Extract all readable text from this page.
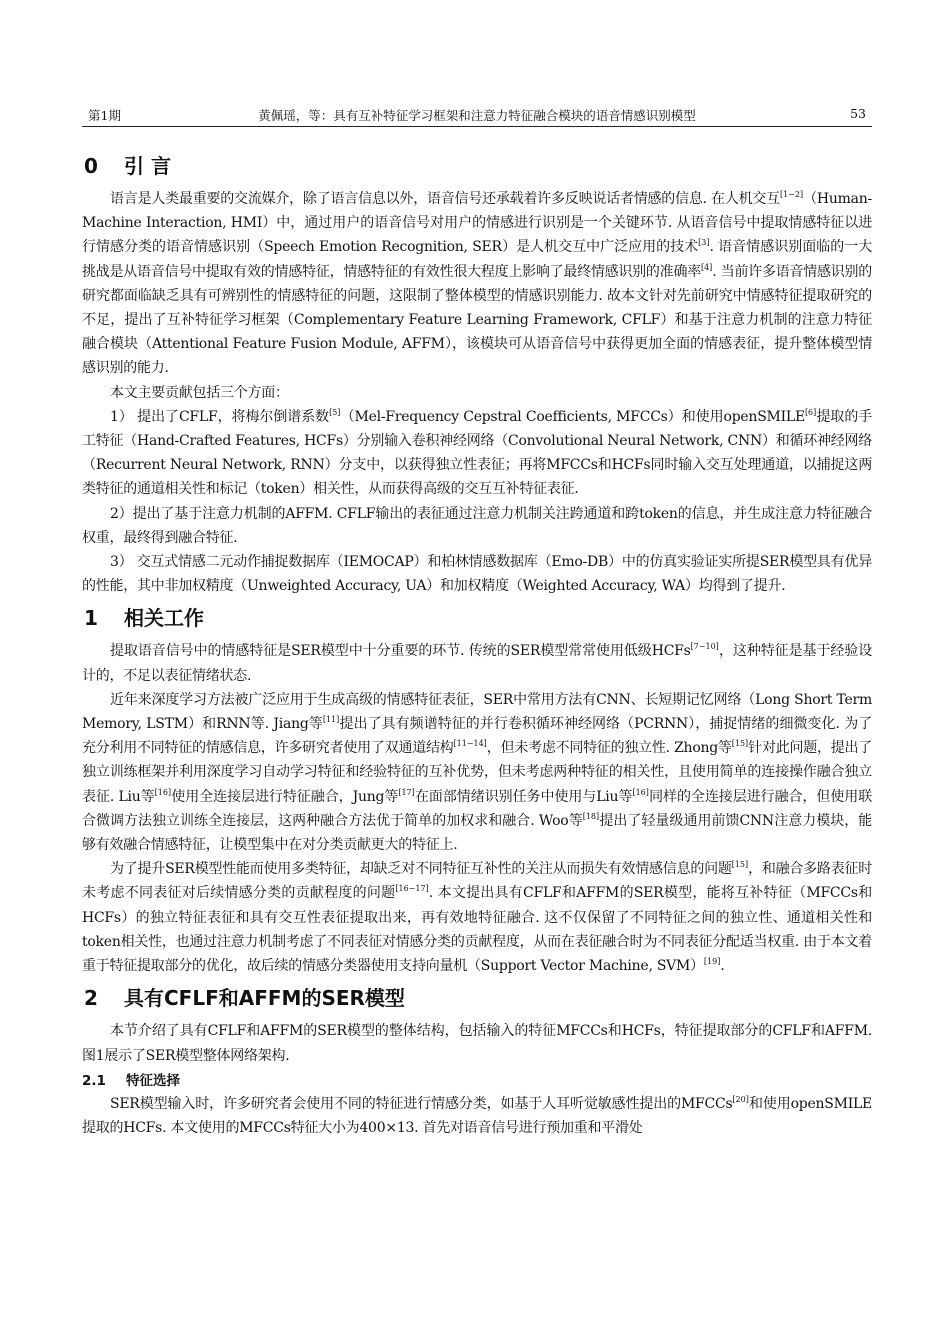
第1期	黄佩瑶，等：具有互补特征学习框架和注意力特征融合模块的语音情感识别模型	53
0 引 言

语言是人类最重要的交流媒介，除了语言信息以外，语音信号还承载着许多反映说话者情感的信息. 在人机交互[1−2]（Human-Machine Interaction, HMI）中，通过用户的语音信号对用户的情感进行识别是一个关键环节. 从语音信号中提取情感特征以进行情感分类的语音情感识别（Speech Emotion Recognition, SER）是人机交互中广泛应用的技术[3]. 语音情感识别面临的一大挑战是从语音信号中提取有效的情感特征，情感特征的有效性很大程度上影响了最终情感识别的准确率[4]. 当前许多语音情感识别的研究都面临缺乏具有可辨别性的情感特征的问题，这限制了整体模型的情感识别能力. 故本文针对先前研究中情感特征提取研究的不足，提出了互补特征学习框架（Complementary Feature Learning Framework, CFLF）和基于注意力机制的注意力特征融合模块（Attentional Feature Fusion Module, AFFM），该模块可从语音信号中获得更加全面的情感表征，提升整体模型情感识别的能力.

本文主要贡献包括三个方面：

1） 提出了CFLF，将梅尔倒谱系数[5]（Mel-Frequency Cepstral Coefficients, MFCCs）和使用openSMILE[6]提取的手工特征（Hand-Crafted Features, HCFs）分别输入卷积神经网络（Convolutional Neural Network, CNN）和循环神经网络（Recurrent Neural Network, RNN）分支中，以获得独立性表征；再将MFCCs和HCFs同时输入交互处理通道，以捕捉这两类特征的通道相关性和标记（token）相关性，从而获得高级的交互互补特征表征.

2）提出了基于注意力机制的AFFM. CFLF输出的表征通过注意力机制关注跨通道和跨token的信息，并生成注意力特征融合权重，最终得到融合特征.

3） 交互式情感二元动作捕捉数据库（IEMOCAP）和柏林情感数据库（Emo-DB）中的仿真实验证实所提SER模型具有优异的性能，其中非加权精度（Unweighted Accuracy, UA）和加权精度（Weighted Accuracy, WA）均得到了提升.

1 相关工作

提取语音信号中的情感特征是SER模型中十分重要的环节. 传统的SER模型常常使用低级HCFs[7−10]，这种特征是基于经验设计的，不足以表征情绪状态.

近年来深度学习方法被广泛应用于生成高级的情感特征表征，SER中常用方法有CNN、长短期记忆网络（Long Short Term Memory, LSTM）和RNN等. Jiang等[11]提出了具有频谱特征的并行卷积循环神经网络（PCRNN），捕捉情绪的细微变化. 为了充分利用不同特征的情感信息，许多研究者使用了双通道结构[11−14]，但未考虑不同特征的独立性. Zhong等[15]针对此问题，提出了独立训练框架并利用深度学习自动学习特征和经验特征的互补优势，但未考虑两种特征的相关性，且使用简单的连接操作融合独立表征. Liu等[16]使用全连接层进行特征融合，Jung等[17]在面部情绪识别任务中使用与Liu等[16]同样的全连接层进行融合，但使用联合微调方法独立训练全连接层，这两种融合方法优于简单的加权求和融合. Woo等[18]提出了轻量级通用前馈CNN注意力模块，能够有效融合情感特征，让模型集中在对分类贡献更大的特征上.

为了提升SER模型性能而使用多类特征，却缺乏对不同特征互补性的关注从而损失有效情感信息的问题[15]，和融合多路表征时未考虑不同表征对后续情感分类的贡献程度的问题[16−17]. 本文提出具有CFLF和AFFM的SER模型，能将互补特征（MFCCs和HCFs）的独立特征表征和具有交互性表征提取出来，再有效地特征融合. 这不仅保留了不同特征之间的独立性、通道相关性和token相关性，也通过注意力机制考虑了不同表征对情感分类的贡献程度，从而在表征融合时为不同表征分配适当权重. 由于本文着重于特征提取部分的优化，故后续的情感分类器使用支持向量机（Support Vector Machine, SVM）[19].

2 具有CFLF和AFFM的SER模型

本节介绍了具有CFLF和AFFM的SER模型的整体结构，包括输入的特征MFCCs和HCFs，特征提取部分的CFLF和AFFM. 图1展示了SER模型整体网络架构.

2.1 特征选择

SER模型输入时，许多研究者会使用不同的特征进行情感分类，如基于人耳听觉敏感性提出的MFCCs[20]和使用openSMILE提取的HCFs. 本文使用的MFCCs特征大小为400×13. 首先对语音信号进行预加重和平滑处
